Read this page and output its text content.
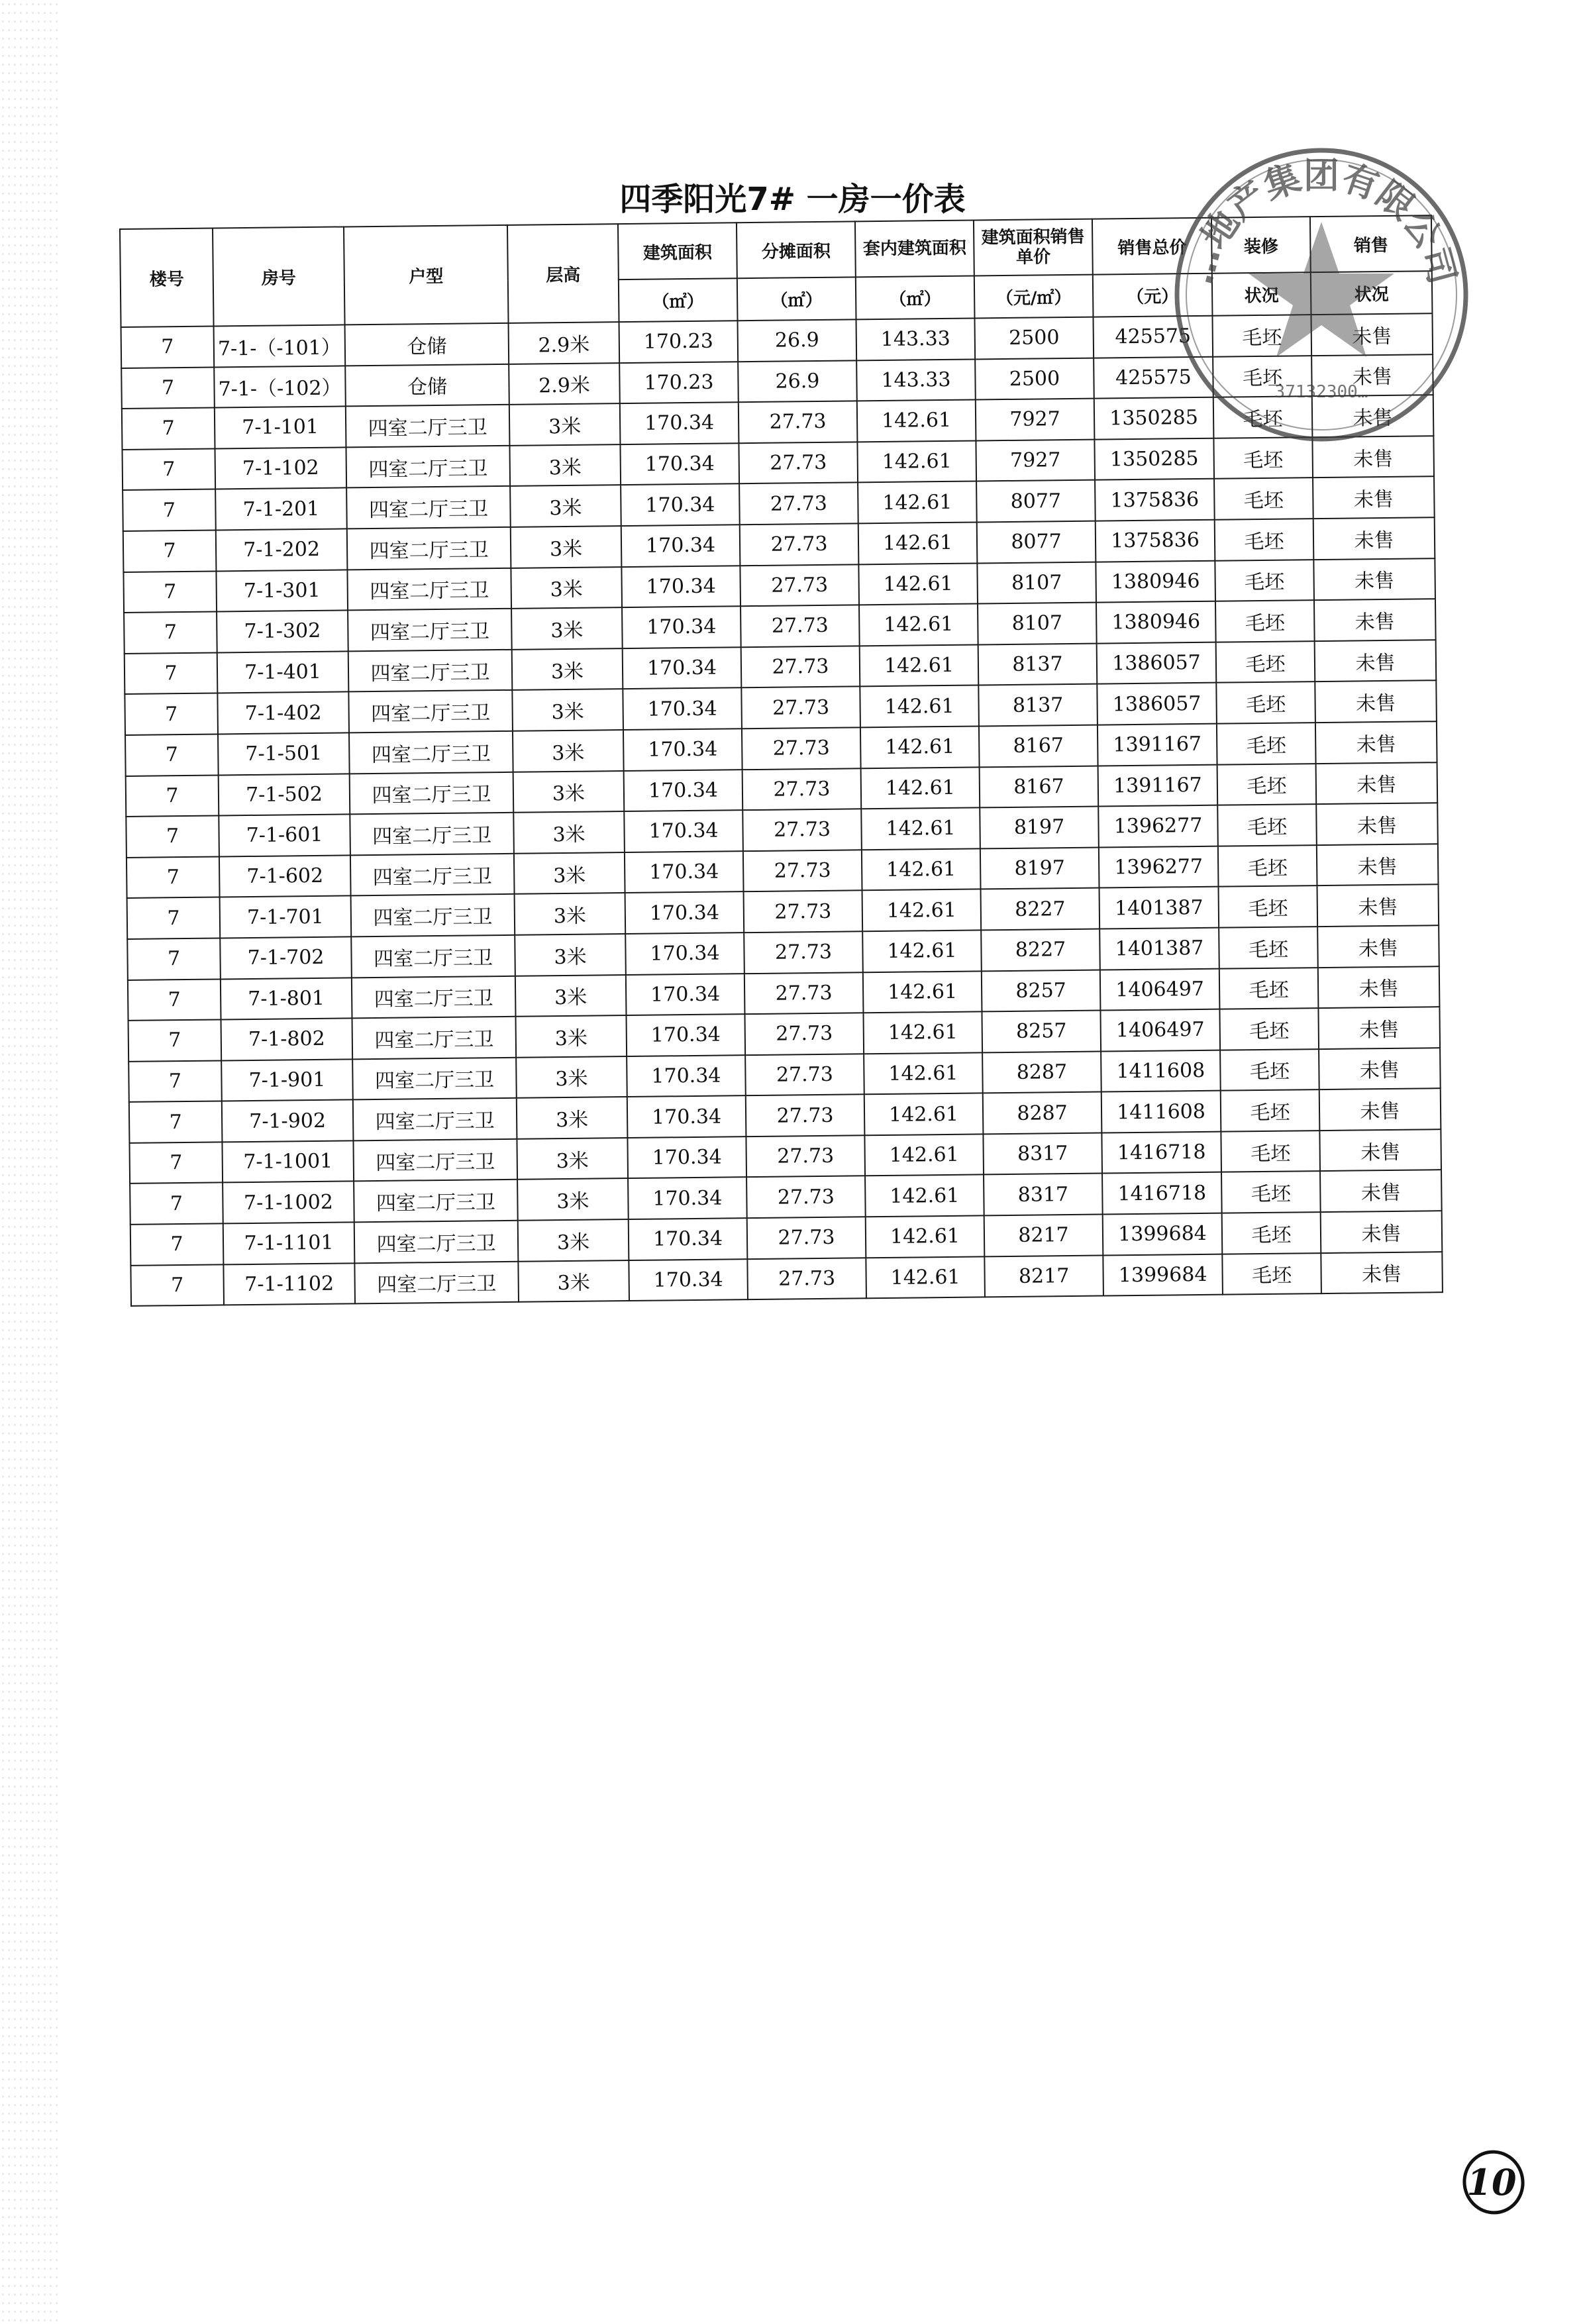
四季阳光7# 一房一价表
楼号	房号	户型	层高	建筑面积	分摊面积	套内建筑面积	建筑面积销售单价	销售总价	装修	销售
				（㎡）	（㎡）	（㎡）	（元/㎡）	（元）	状况	状况
7	7-1-（-101）	仓储	2.9米	170.23	26.9	143.33	2500	425575	毛坯	未售
7	7-1-（-102）	仓储	2.9米	170.23	26.9	143.33	2500	425575	毛坯	未售
7	7-1-101	四室二厅三卫	3米	170.34	27.73	142.61	7927	1350285	毛坯	未售
7	7-1-102	四室二厅三卫	3米	170.34	27.73	142.61	7927	1350285	毛坯	未售
7	7-1-201	四室二厅三卫	3米	170.34	27.73	142.61	8077	1375836	毛坯	未售
7	7-1-202	四室二厅三卫	3米	170.34	27.73	142.61	8077	1375836	毛坯	未售
7	7-1-301	四室二厅三卫	3米	170.34	27.73	142.61	8107	1380946	毛坯	未售
7	7-1-302	四室二厅三卫	3米	170.34	27.73	142.61	8107	1380946	毛坯	未售
7	7-1-401	四室二厅三卫	3米	170.34	27.73	142.61	8137	1386057	毛坯	未售
7	7-1-402	四室二厅三卫	3米	170.34	27.73	142.61	8137	1386057	毛坯	未售
7	7-1-501	四室二厅三卫	3米	170.34	27.73	142.61	8167	1391167	毛坯	未售
7	7-1-502	四室二厅三卫	3米	170.34	27.73	142.61	8167	1391167	毛坯	未售
7	7-1-601	四室二厅三卫	3米	170.34	27.73	142.61	8197	1396277	毛坯	未售
7	7-1-602	四室二厅三卫	3米	170.34	27.73	142.61	8197	1396277	毛坯	未售
7	7-1-701	四室二厅三卫	3米	170.34	27.73	142.61	8227	1401387	毛坯	未售
7	7-1-702	四室二厅三卫	3米	170.34	27.73	142.61	8227	1401387	毛坯	未售
7	7-1-801	四室二厅三卫	3米	170.34	27.73	142.61	8257	1406497	毛坯	未售
7	7-1-802	四室二厅三卫	3米	170.34	27.73	142.61	8257	1406497	毛坯	未售
7	7-1-901	四室二厅三卫	3米	170.34	27.73	142.61	8287	1411608	毛坯	未售
7	7-1-902	四室二厅三卫	3米	170.34	27.73	142.61	8287	1411608	毛坯	未售
7	7-1-1001	四室二厅三卫	3米	170.34	27.73	142.61	8317	1416718	毛坯	未售
7	7-1-1002	四室二厅三卫	3米	170.34	27.73	142.61	8317	1416718	毛坯	未售
7	7-1-1101	四室二厅三卫	3米	170.34	27.73	142.61	8217	1399684	毛坯	未售
7	7-1-1102	四室二厅三卫	3米	170.34	27.73	142.61	8217	1399684	毛坯	未售
…地产集团有限公司
37132300…
10
